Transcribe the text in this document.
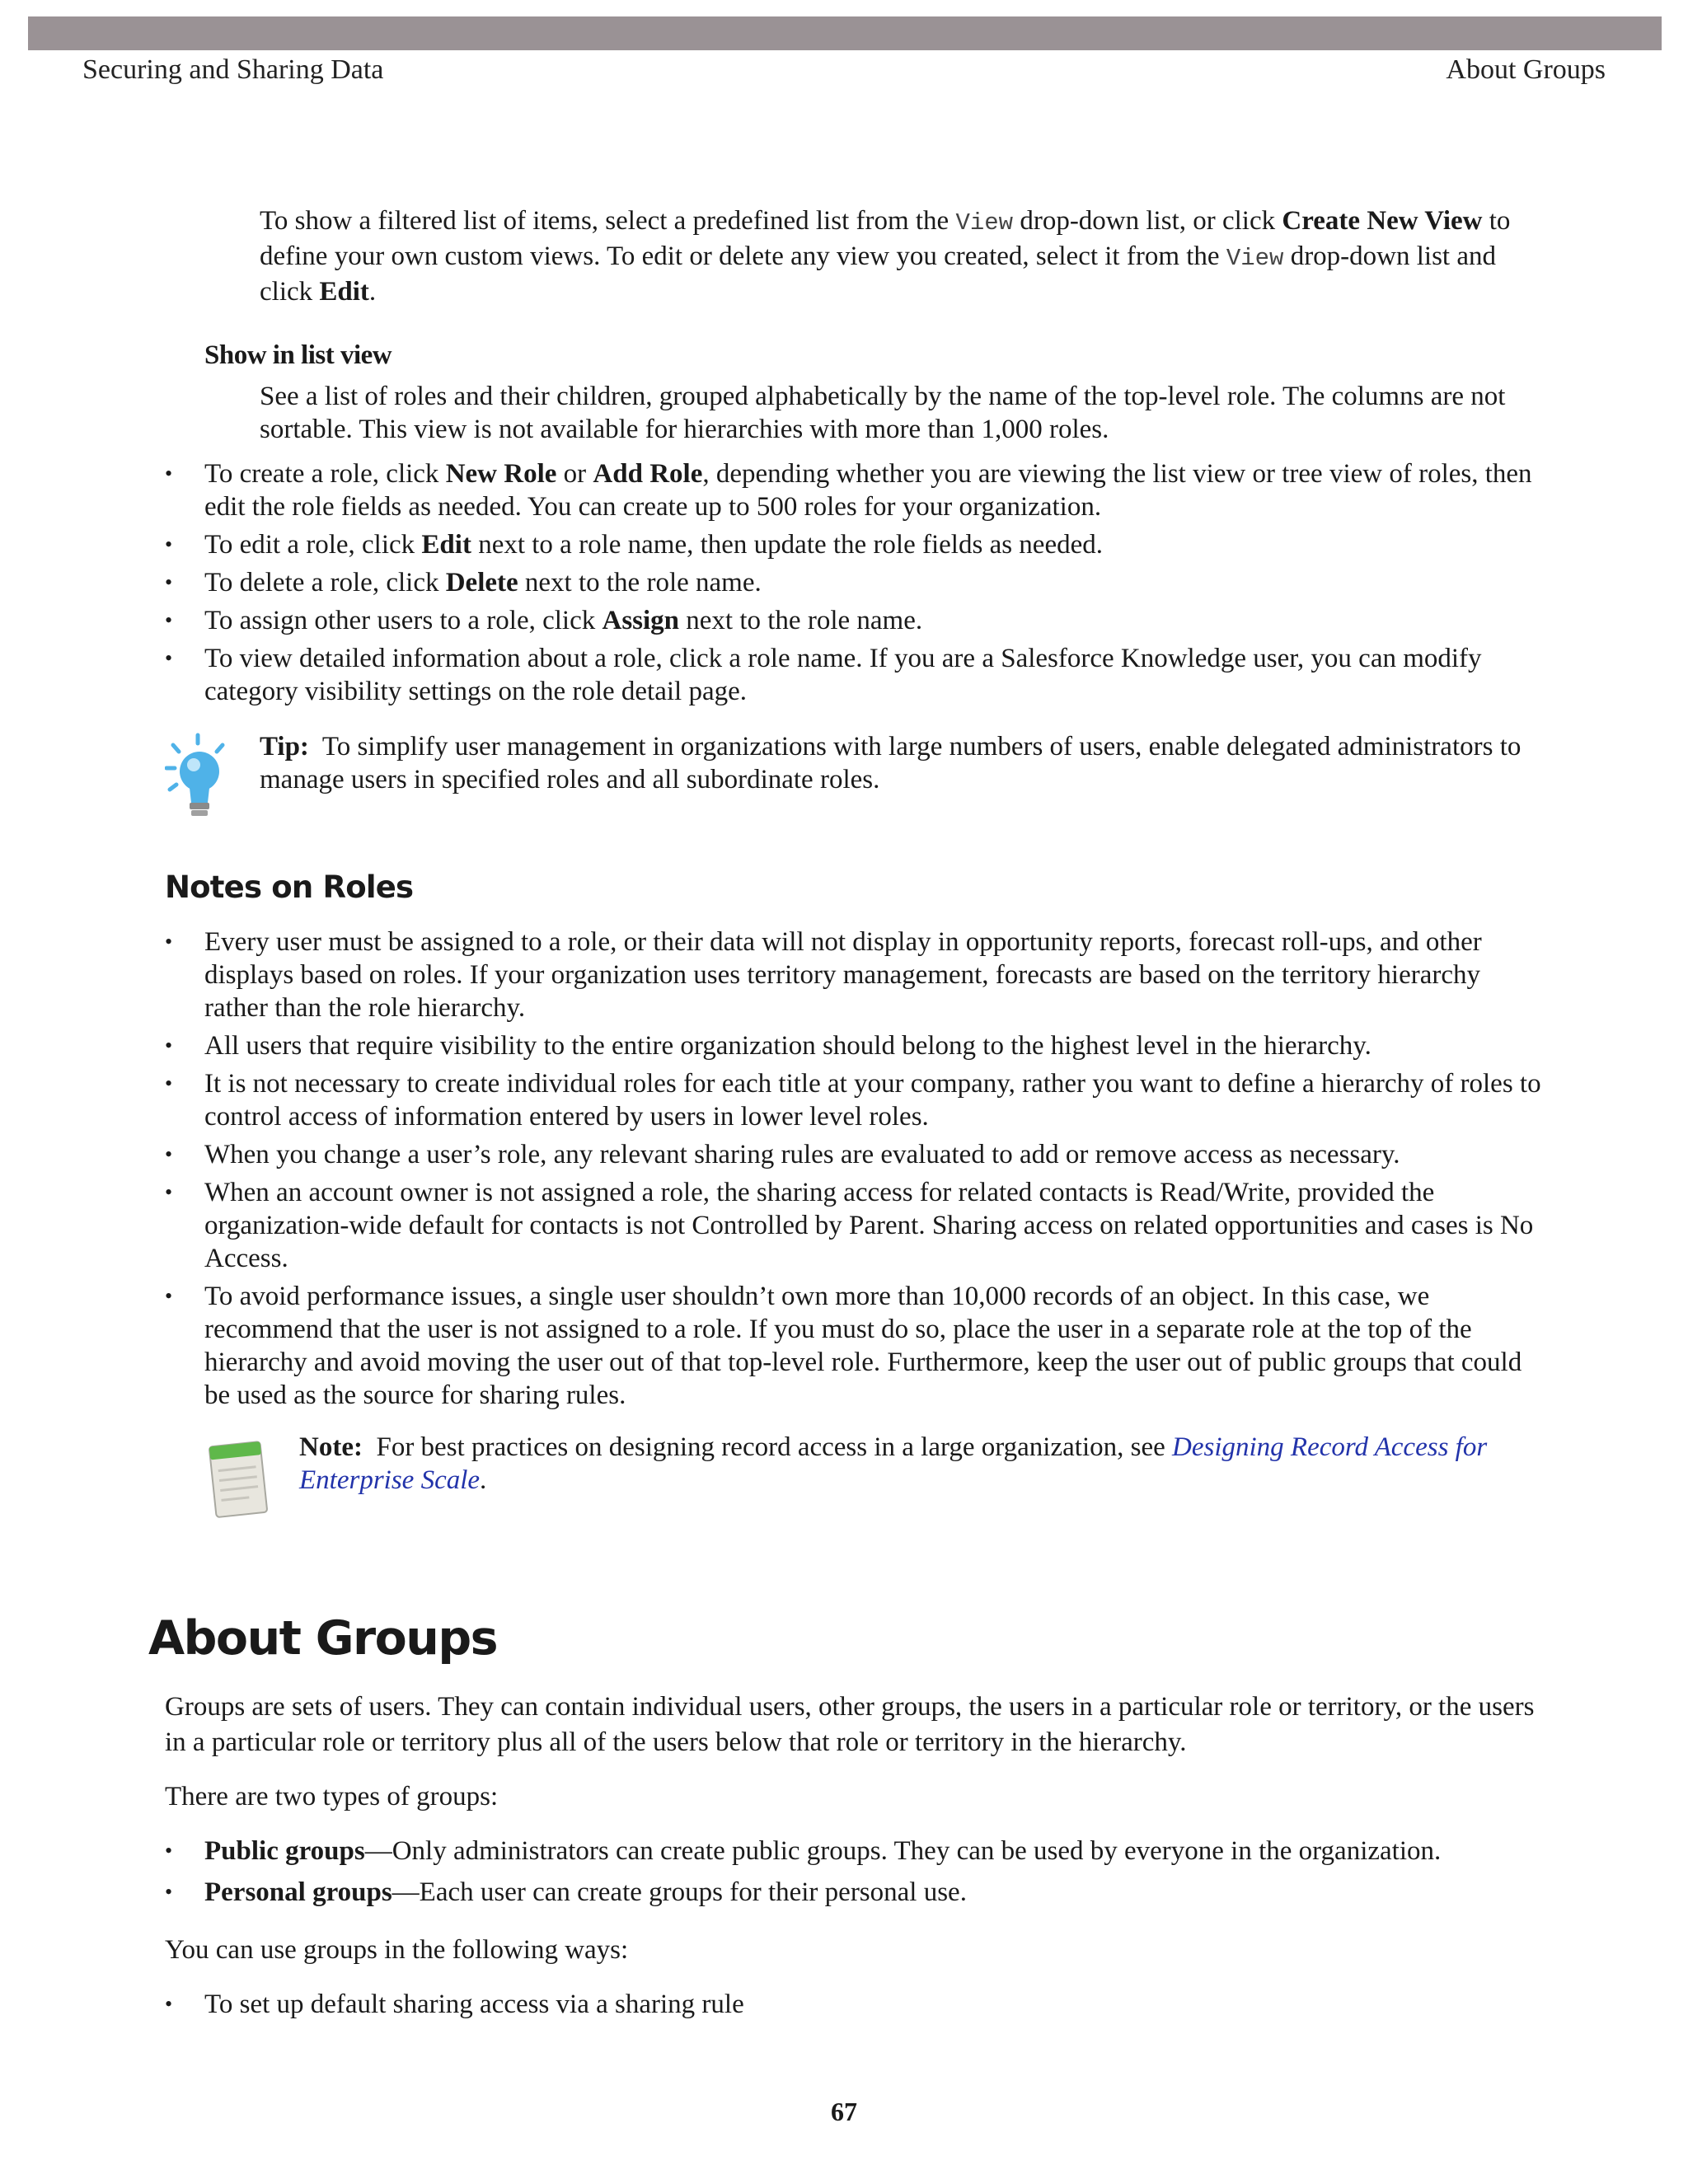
Securing and Sharing Data	About Groups

To show a filtered list of items, select a predefined list from the View drop-down list, or click Create New View to define your own custom views. To edit or delete any view you created, select it from the View drop-down list and click Edit.

Show in list view

See a list of roles and their children, grouped alphabetically by the name of the top-level role. The columns are not sortable. This view is not available for hierarchies with more than 1,000 roles.

• To create a role, click New Role or Add Role, depending whether you are viewing the list view or tree view of roles, then edit the role fields as needed. You can create up to 500 roles for your organization.
• To edit a role, click Edit next to a role name, then update the role fields as needed.
• To delete a role, click Delete next to the role name.
• To assign other users to a role, click Assign next to the role name.
• To view detailed information about a role, click a role name. If you are a Salesforce Knowledge user, you can modify category visibility settings on the role detail page.

Tip: To simplify user management in organizations with large numbers of users, enable delegated administrators to manage users in specified roles and all subordinate roles.

Notes on Roles
• Every user must be assigned to a role, or their data will not display in opportunity reports, forecast roll-ups, and other displays based on roles. If your organization uses territory management, forecasts are based on the territory hierarchy rather than the role hierarchy.
• All users that require visibility to the entire organization should belong to the highest level in the hierarchy.
• It is not necessary to create individual roles for each title at your company, rather you want to define a hierarchy of roles to control access of information entered by users in lower level roles.
• When you change a user’s role, any relevant sharing rules are evaluated to add or remove access as necessary.
• When an account owner is not assigned a role, the sharing access for related contacts is Read/Write, provided the organization-wide default for contacts is not Controlled by Parent. Sharing access on related opportunities and cases is No Access.
• To avoid performance issues, a single user shouldn’t own more than 10,000 records of an object. In this case, we recommend that the user is not assigned to a role. If you must do so, place the user in a separate role at the top of the hierarchy and avoid moving the user out of that top-level role. Furthermore, keep the user out of public groups that could be used as the source for sharing rules.

Note: For best practices on designing record access in a large organization, see Designing Record Access for Enterprise Scale.

About Groups

Groups are sets of users. They can contain individual users, other groups, the users in a particular role or territory, or the users in a particular role or territory plus all of the users below that role or territory in the hierarchy.

There are two types of groups:

• Public groups—Only administrators can create public groups. They can be used by everyone in the organization.
• Personal groups—Each user can create groups for their personal use.

You can use groups in the following ways:

• To set up default sharing access via a sharing rule
67
